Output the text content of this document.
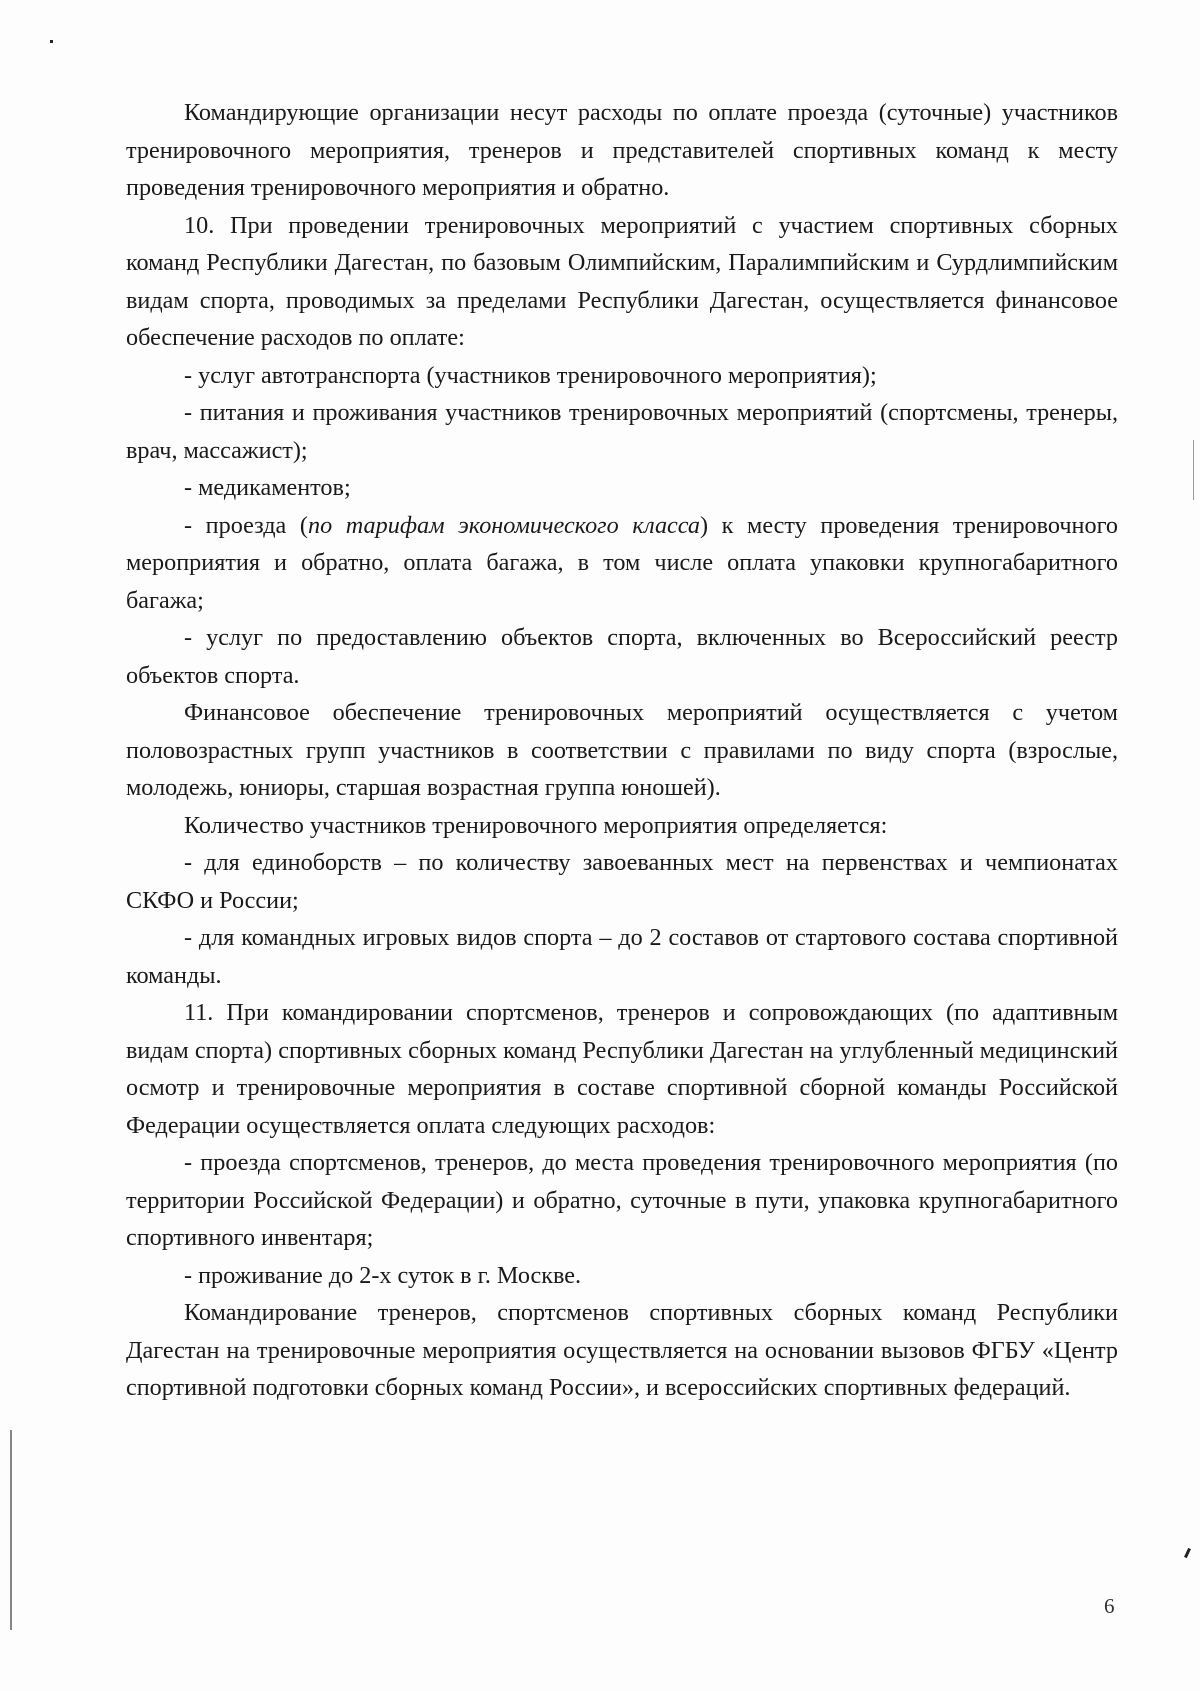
Командирующие организации несут расходы по оплате проезда (суточные) участников тренировочного мероприятия, тренеров и представителей спортивных команд к месту проведения тренировочного мероприятия и обратно.

10. При проведении тренировочных мероприятий с участием спортивных сборных команд Республики Дагестан, по базовым Олимпийским, Паралимпийским и Сурдлимпийским видам спорта, проводимых за пределами Республики Дагестан, осуществляется финансовое обеспечение расходов по оплате:

- услуг автотранспорта (участников тренировочного мероприятия);

- питания и проживания участников тренировочных мероприятий (спортсмены, тренеры, врач, массажист);

- медикаментов;

- проезда (по тарифам экономического класса) к месту проведения тренировочного мероприятия и обратно, оплата багажа, в том числе оплата упаковки крупногабаритного багажа;

- услуг по предоставлению объектов спорта, включенных во Всероссийский реестр объектов спорта.

Финансовое обеспечение тренировочных мероприятий осуществляется с учетом половозрастных групп участников в соответствии с правилами по виду спорта (взрослые, молодежь, юниоры, старшая возрастная группа юношей).

Количество участников тренировочного мероприятия определяется:

- для единоборств – по количеству завоеванных мест на первенствах и чемпионатах СКФО и России;

- для командных игровых видов спорта – до 2 составов от стартового состава спортивной команды.

11. При командировании спортсменов, тренеров и сопровождающих (по адаптивным видам спорта) спортивных сборных команд Республики Дагестан на углубленный медицинский осмотр и тренировочные мероприятия в составе спортивной сборной команды Российской Федерации осуществляется оплата следующих расходов:

- проезда спортсменов, тренеров, до места проведения тренировочного мероприятия (по территории Российской Федерации) и обратно, суточные в пути, упаковка крупногабаритного спортивного инвентаря;

- проживание до 2-х суток в г. Москве.

Командирование тренеров, спортсменов спортивных сборных команд Республики Дагестан на тренировочные мероприятия осуществляется на основании вызовов ФГБУ «Центр спортивной подготовки сборных команд России», и всероссийских спортивных федераций.

6
